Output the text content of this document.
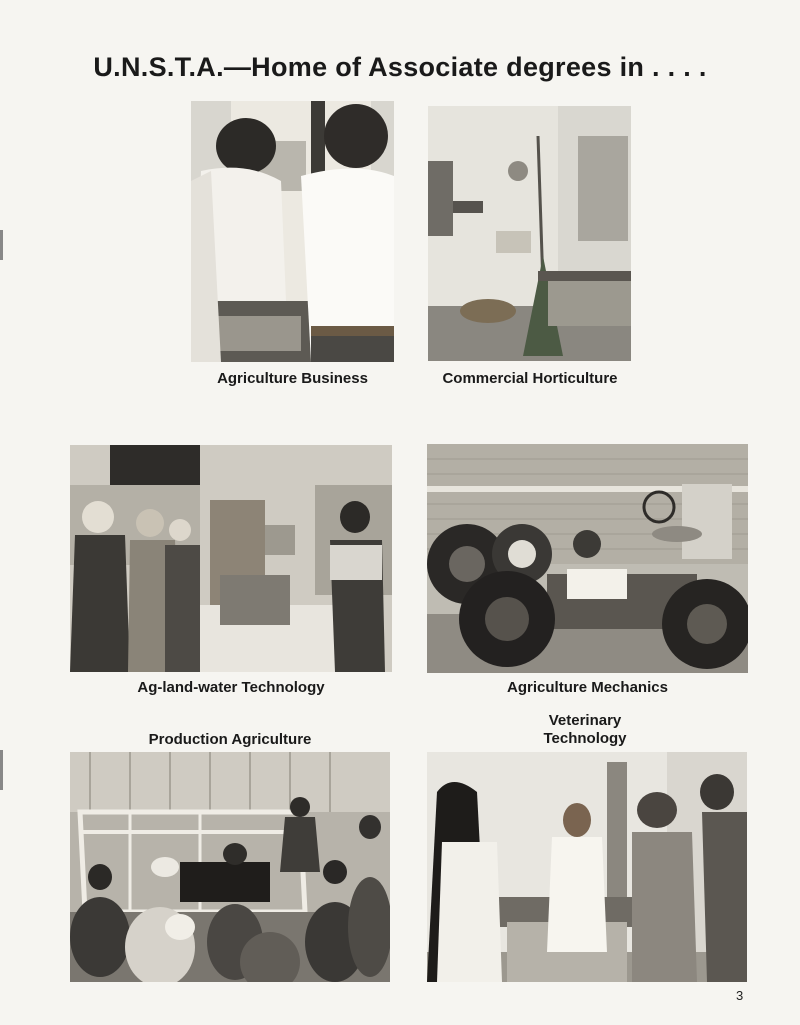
U.N.S.T.A.—Home of Associate degrees in . . . .
Agriculture Business	Commercial Horticulture
Ag-land-water Technology	Agriculture Mechanics
Production Agriculture
Veterinary
Technology
3
